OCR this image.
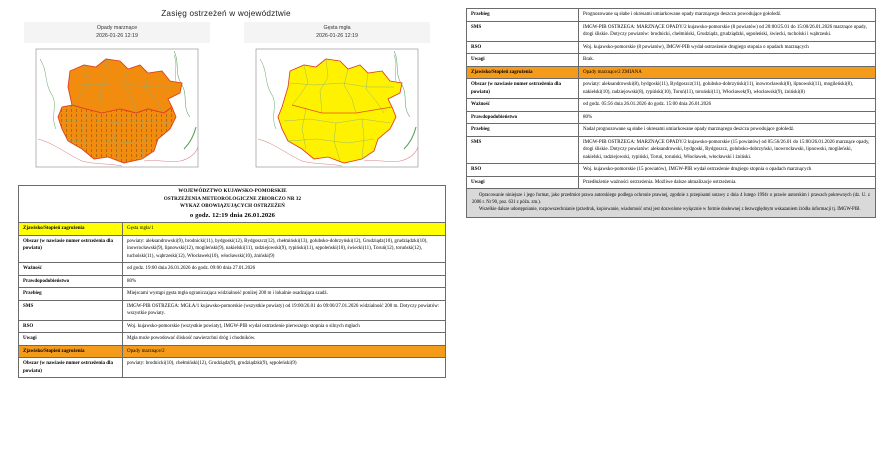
Zasięg ostrzeżeń w województwie
Opady marznące
2026-01-26 12:19
Gęsta mgła
2026-01-26 12:19
WOJEWÓDZTWO KUJAWSKO-POMORSKIE
OSTRZEŻENIA METEOROLOGICZNE ZBIORCZO NR 32
WYKAZ OBOWIĄZUJĄCYCH OSTRZEŻEŃ
o godz. 12:19 dnia 26.01.2026	

Zjawisko/Stopień zagrożenia	Gęsta mgła/1
Obszar (w nawiasie numer ostrzeżenia dla powiatu)	powiaty: aleksandrowski(9), brodnicki(11), bydgoski(12), Bydgoszcz(12), chełmiński(13), golubsko-dobrzyński(12), Grudziądz(10), grudziądzki(10), inowrocławski(9), lipnowski(12), mogileński(9), nakielski(11), radziejowski(9), rypiński(11), sępoleński(10), świecki(11), Toruń(12), toruński(12), tucholski(11), wąbrzeski(12), Włocławek(10), włocławski(10), żniński(9)
Ważność	od godz. 19:00 dnia 26.01.2026 do godz. 09:00 dnia 27.01.2026
Prawdopodobieństwo	80%
Przebieg	Miejscami wystąpi gęsta mgła ograniczająca widzialność poniżej 200 m i lokalnie osadzająca szadź.
SMS	IMGW-PIB OSTRZEGA: MGŁA/1 kujawsko-pomorskie (wszystkie powiaty) od 19:00/26.01 do 09:00/27.01.2026 widzialność 200 m. Dotyczy powiatów: wszystkie powiaty.
RSO	Woj. kujawsko-pomorskie (wszystkie powiaty), IMGW-PIB wydał ostrzeżenie pierwszego stopnia o silnych mgłach
Uwagi	Mgła może powodować śliskość nawierzchni dróg i chodników.
Zjawisko/Stopień zagrożenia	Opady marznące/2
Obszar (w nawiasie numer ostrzeżenia dla powiatu)	powiaty: brodnicki(10), chełmiński(12), Grudziądz(9), grudziądzki(9), sępoleński(9)
Przebieg	Prognozowane są słabe i okresami umiarkowane opady marznącego deszczu powodujące gołoledź.
SMS	IMGW-PIB OSTRZEGA: MARZNĄCE OPADY/2 kujawsko-pomorskie (8 powiatów) od 20:00/25.01 do 15:00/26.01.2026 marznące opady, drogi śliskie. Dotyczy powiatów: brodnicki, chełmiński, Grudziądz, grudziądzki, sępoleński, świecki, tucholski i wąbrzeski.
RSO	Woj. kujawsko-pomorskie (8 powiatów), IMGW-PIB wydał ostrzeżenie drugiego stopnia o opadach marznących
Uwagi	Brak.
Zjawisko/Stopień zagrożenia	Opady marznące/2 ZMIANA
Obszar (w nawiasie numer ostrzeżenia dla powiatu)	powiaty: aleksandrowski(8), bydgoski(11), Bydgoszcz(11), golubsko-dobrzyński(11), inowrocławski(8), lipnowski(11), mogileński(8), nakielski(10), radziejowski(8), rypiński(10), Toruń(11), toruński(11), Włocławek(9), włocławski(9), żniński(8)
Ważność	od godz. 05:56 dnia 26.01.2026 do godz. 15:00 dnia 26.01.2026
Prawdopodobieństwo	80%
Przebieg	Nadal prognozowane są słabe i okresami umiarkowane opady marznącego deszczu powodujące gołoledź.
SMS	IMGW-PIB OSTRZEGA: MARZNĄCE OPADY/2 kujawsko-pomorskie (15 powiatów) od 05:56/26.01 do 15:00/26.01.2026 marznące opady, drogi śliskie. Dotyczy powiatów: aleksandrowski, bydgoski, Bydgoszcz, golubsko-dobrzyński, inowrocławski, lipnowski, mogileński, nakielski, radziejowski, rypiński, Toruń, toruński, Włocławek, włocławski i żniński.
RSO	Woj. kujawsko-pomorskie (15 powiatów), IMGW-PIB wydał ostrzeżenie drugiego stopnia o opadach marznących
Uwagi	Przedłużenie ważności ostrzeżenia. Możliwe dalsze aktualizacje ostrzeżenia.

Opracowanie niniejsze i jego format, jako przedmiot prawa autorskiego podlega ochronie prawnej, zgodnie z przepisami ustawy z dnia 4 lutego 1994r o prawie autorskim i prawach pokrewnych (dz. U. z 2006 r. Nr 90, poz. 631 z późn. zm.).

Wszelkie dalsze udostępnianie, rozpowszechnianie (przedruk, kopiowanie, wiadomość sms) jest dozwolone wyłącznie w formie dosłownej z bezwzględnym wskazaniem źródła informacji tj. IMGW-PIB.
